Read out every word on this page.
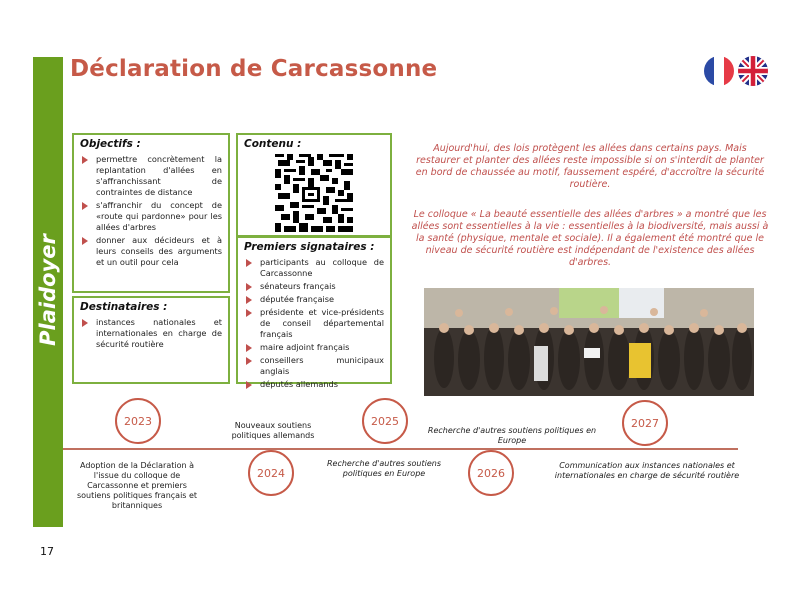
Plaidoyer
Déclaration de Carcassonne
Objectifs :
permettre concrètement la replantation d'allées en s'affranchissant de contraintes de distance
s'affranchir du concept de «route qui pardonne» pour les allées d'arbres
donner aux décideurs et à leurs conseils des arguments et un outil pour cela
Destinataires :
instances nationales et internationales en charge de sécurité routière
Contenu :
Premiers signataires :
participants au colloque de Carcassonne
sénateurs français
députée française
présidente et vice-présidents de conseil départemental français
maire adjoint français
conseillers municipaux anglais
députés allemands
Aujourd'hui, des lois protègent les allées dans certains pays. Mais restaurer et planter des allées reste impossible si on s'interdit de planter en bord de chaussée au motif, faussement espéré, d'accroître la sécurité routière.
Le colloque « La beauté essentielle des allées d'arbres » a montré que les allées sont essentielles à la vie : essentielles à la biodiversité, mais aussi à la santé (physique, mentale et sociale). Il a également été montré que le niveau de sécurité routière est indépendant de l'existence des allées d'arbres.
2023
2024
2025
2026
2027
Adoption de la Déclaration à l'issue du colloque de Carcassonne et premiers soutiens politiques français et britanniques
Nouveaux soutiens politiques allemands
Recherche d'autres soutiens politiques en Europe
Recherche d'autres soutiens politiques en Europe
Communication aux instances nationales et internationales en charge de sécurité routière
17
